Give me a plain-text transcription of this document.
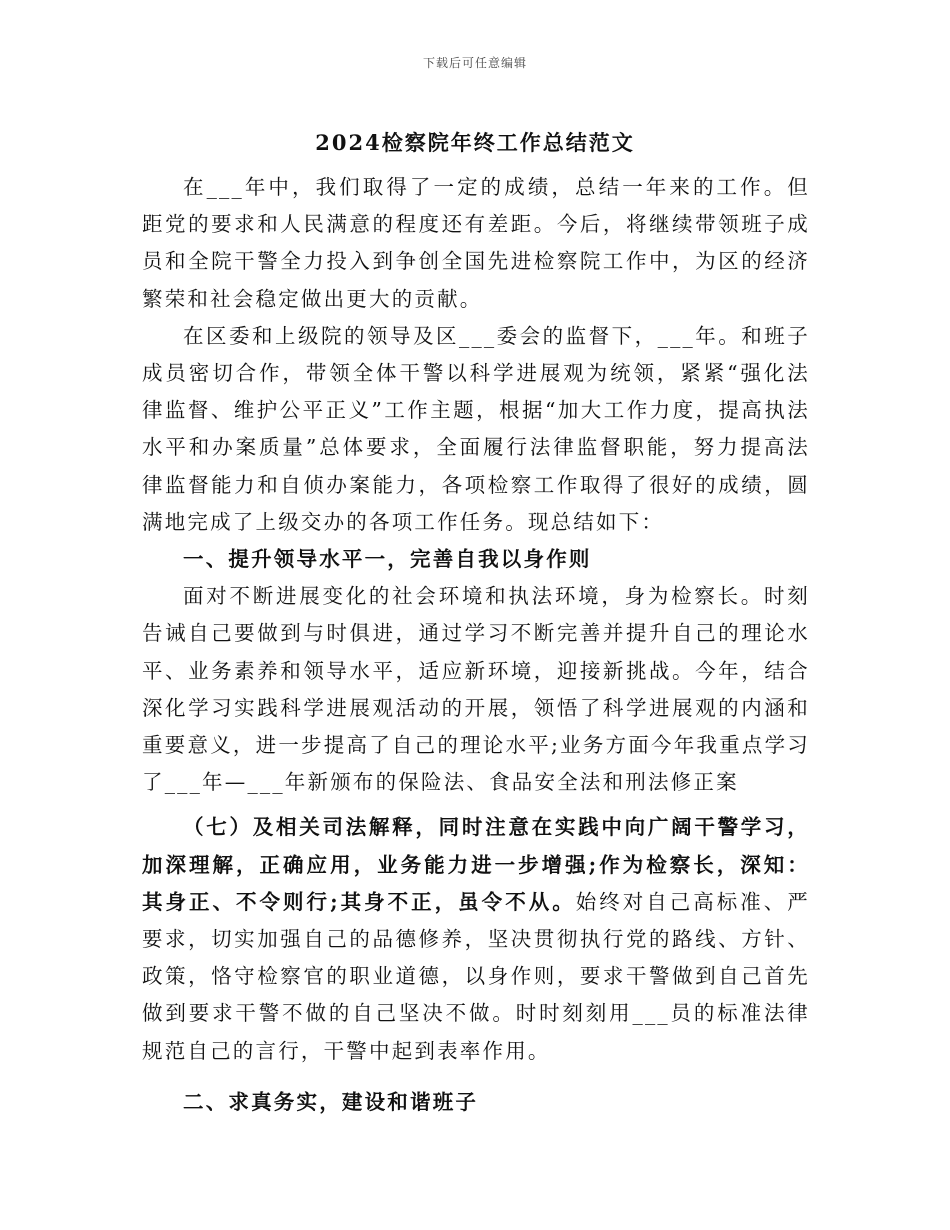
下载后可任意编辑
2024检察院年终工作总结范文

在___年中，我们取得了一定的成绩，总结一年来的工作。但距党的要求和人民满意的程度还有差距。今后，将继续带领班子成员和全院干警全力投入到争创全国先进检察院工作中，为区的经济繁荣和社会稳定做出更大的贡献。

在区委和上级院的领导及区___委会的监督下，___年。和班子成员密切合作，带领全体干警以科学进展观为统领，紧紧“强化法律监督、维护公平正义”工作主题，根据“加大工作力度，提高执法水平和办案质量”总体要求，全面履行法律监督职能，努力提高法律监督能力和自侦办案能力，各项检察工作取得了很好的成绩，圆满地完成了上级交办的各项工作任务。现总结如下：

一、提升领导水平一，完善自我以身作则

面对不断进展变化的社会环境和执法环境，身为检察长。时刻告诫自己要做到与时俱进，通过学习不断完善并提升自己的理论水平、业务素养和领导水平，适应新环境，迎接新挑战。今年，结合深化学习实践科学进展观活动的开展，领悟了科学进展观的内涵和重要意义，进一步提高了自己的理论水平;业务方面今年我重点学习了___年—___年新颁布的保险法、食品安全法和刑法修正案

（七）及相关司法解释，同时注意在实践中向广阔干警学习，加深理解，正确应用，业务能力进一步增强;作为检察长，深知：其身正、不令则行;其身不正，虽令不从。始终对自己高标准、严要求，切实加强自己的品德修养，坚决贯彻执行党的路线、方针、政策，恪守检察官的职业道德，以身作则，要求干警做到自己首先做到要求干警不做的自己坚决不做。时时刻刻用___员的标准法律规范自己的言行，干警中起到表率作用。

二、求真务实，建设和谐班子
